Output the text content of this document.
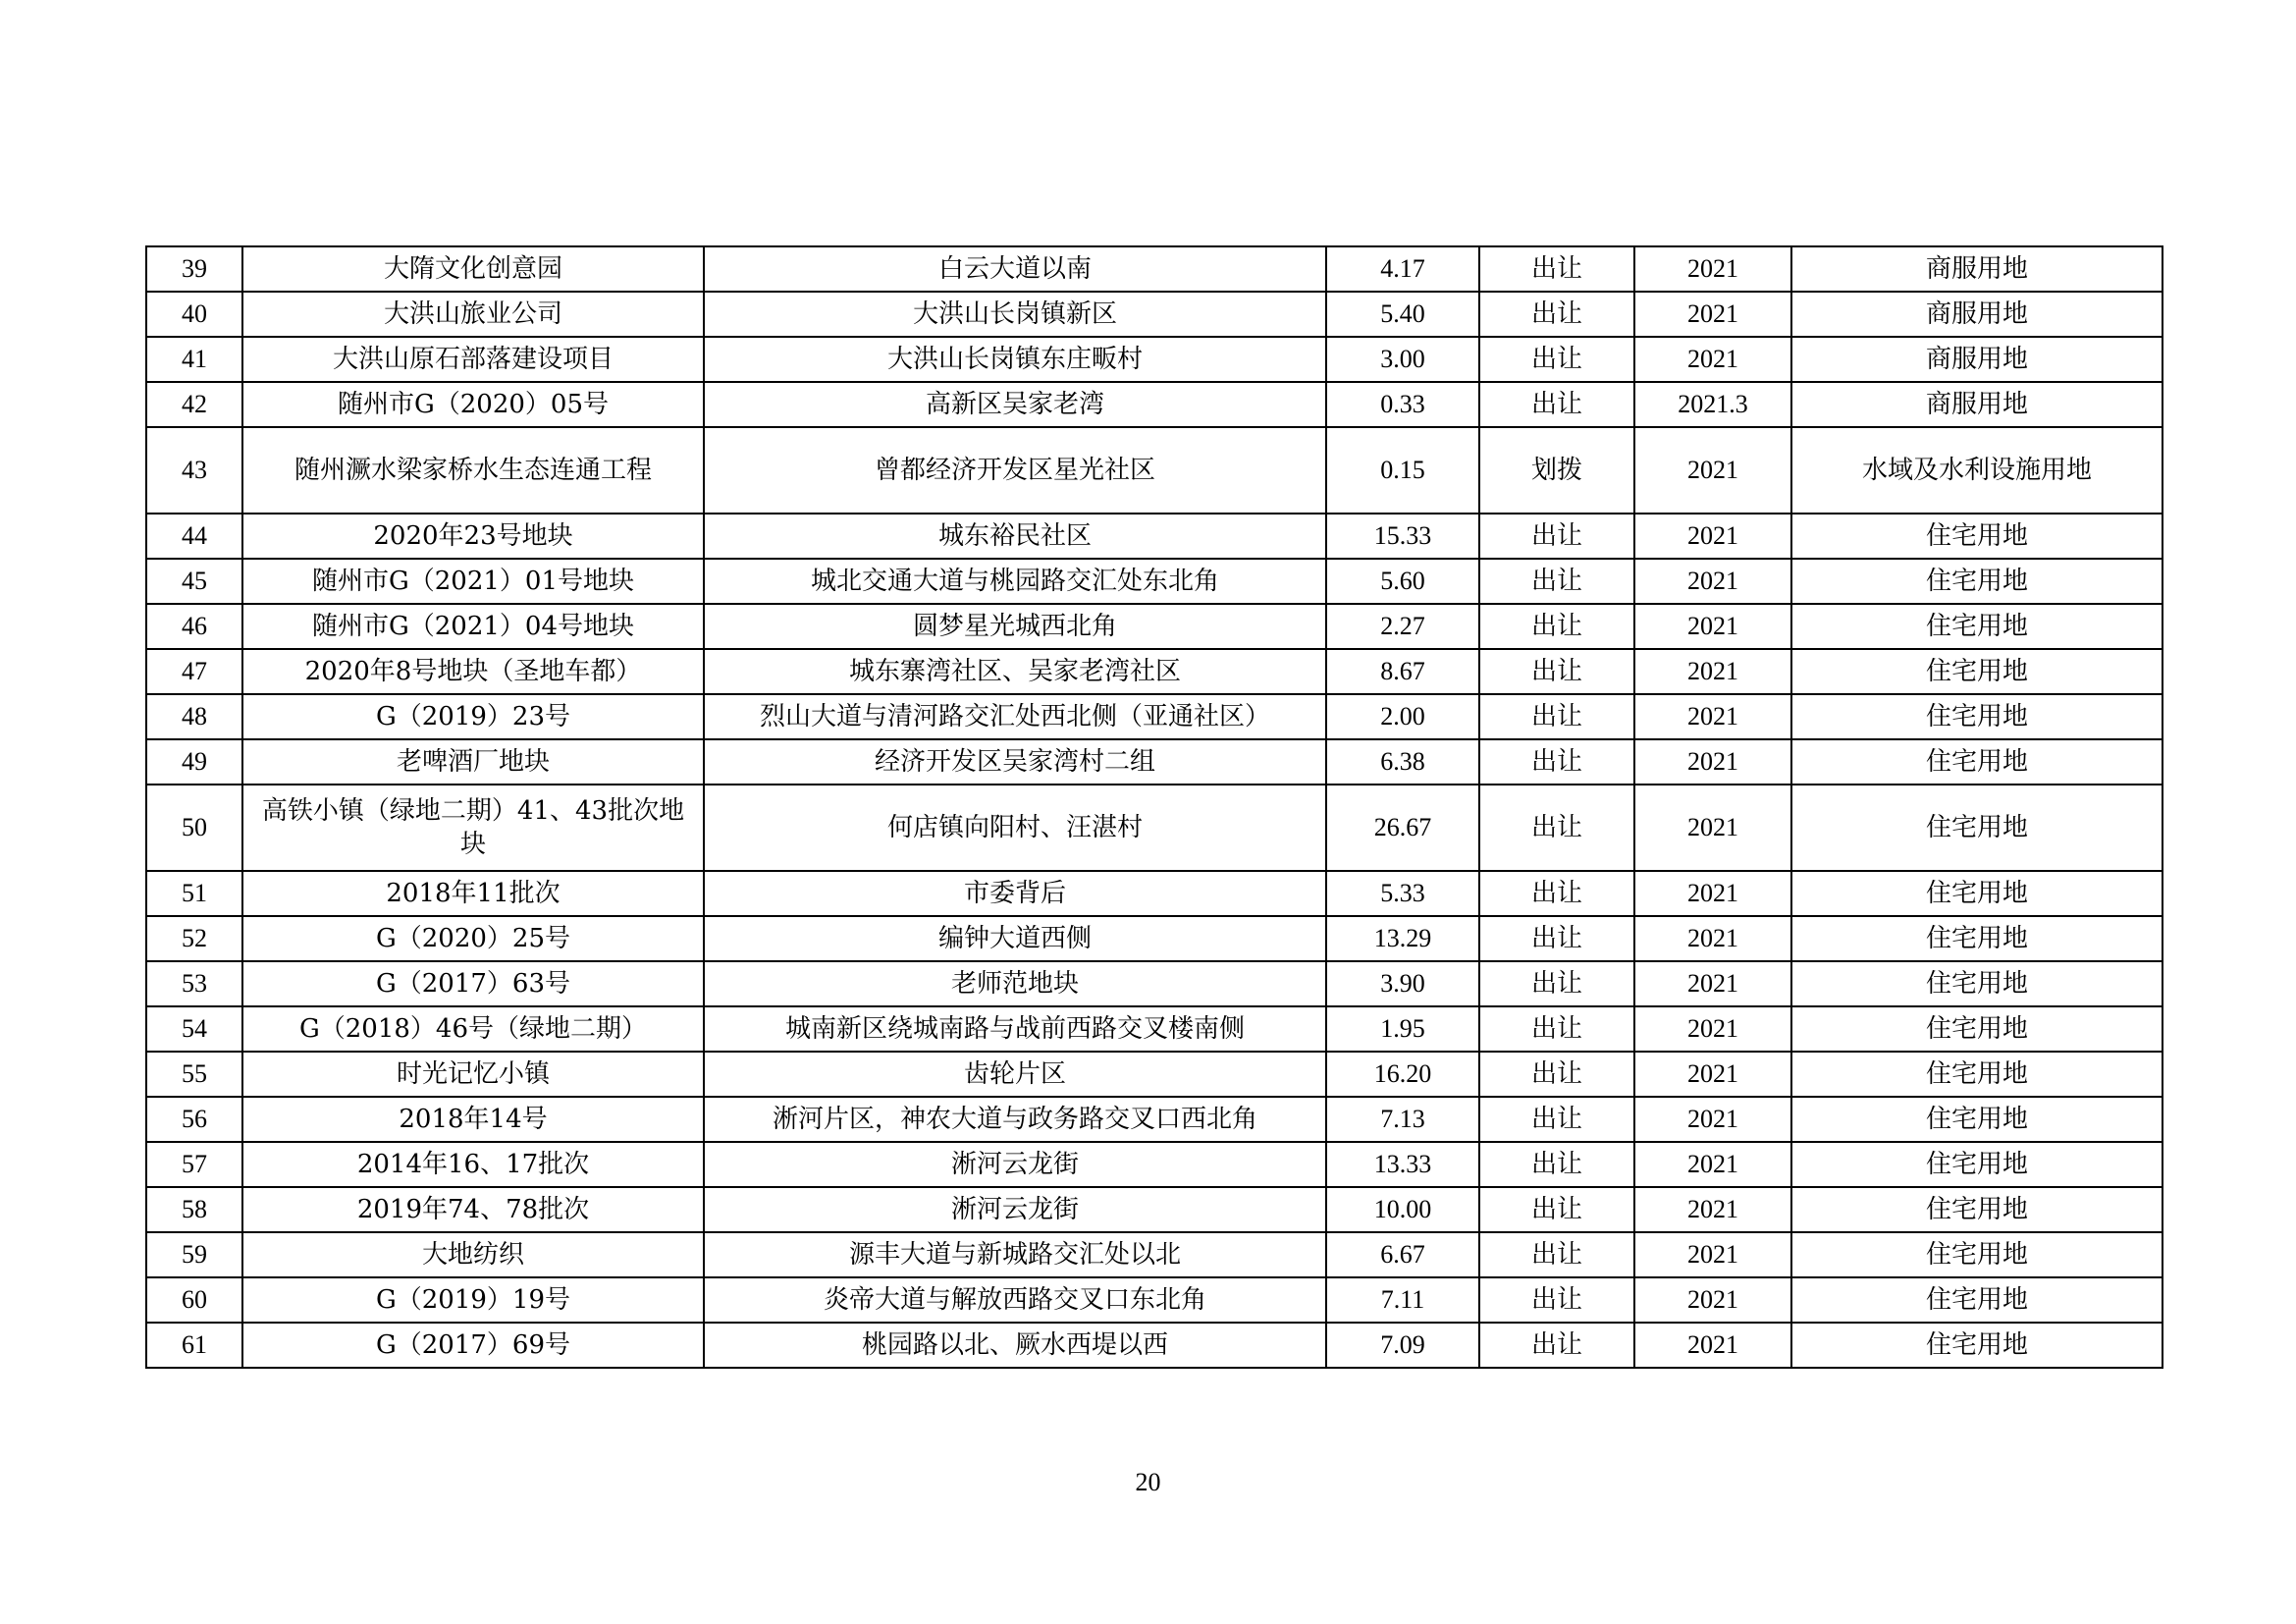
39	大隋文化创意园	白云大道以南	4.17	出让	2021	商服用地
40	大洪山旅业公司	大洪山长岗镇新区	5.40	出让	2021	商服用地
41	大洪山原石部落建设项目	大洪山长岗镇东庄畈村	3.00	出让	2021	商服用地
42	随州市G（2020）05号	高新区吴家老湾	0.33	出让	2021.3	商服用地
43	随州㵐水梁家桥水生态连通工程	曾都经济开发区星光社区	0.15	划拨	2021	水域及水利设施用地
44	2020年23号地块	城东裕民社区	15.33	出让	2021	住宅用地
45	随州市G（2021）01号地块	城北交通大道与桃园路交汇处东北角	5.60	出让	2021	住宅用地
46	随州市G（2021）04号地块	圆梦星光城西北角	2.27	出让	2021	住宅用地
47	2020年8号地块（圣地车都）	城东寨湾社区、吴家老湾社区	8.67	出让	2021	住宅用地
48	G（2019）23号	烈山大道与清河路交汇处西北侧（亚通社区）	2.00	出让	2021	住宅用地
49	老啤酒厂地块	经济开发区吴家湾村二组	6.38	出让	2021	住宅用地
50	高铁小镇（绿地二期）41、43批次地块	何店镇向阳村、汪湛村	26.67	出让	2021	住宅用地
51	2018年11批次	市委背后	5.33	出让	2021	住宅用地
52	G（2020）25号	编钟大道西侧	13.29	出让	2021	住宅用地
53	G（2017）63号	老师范地块	3.90	出让	2021	住宅用地
54	G（2018）46号（绿地二期）	城南新区绕城南路与战前西路交叉楼南侧	1.95	出让	2021	住宅用地
55	时光记忆小镇	齿轮片区	16.20	出让	2021	住宅用地
56	2018年14号	淅河片区，神农大道与政务路交叉口西北角	7.13	出让	2021	住宅用地
57	2014年16、17批次	淅河云龙街	13.33	出让	2021	住宅用地
58	2019年74、78批次	淅河云龙街	10.00	出让	2021	住宅用地
59	大地纺织	源丰大道与新城路交汇处以北	6.67	出让	2021	住宅用地
60	G（2019）19号	炎帝大道与解放西路交叉口东北角	7.11	出让	2021	住宅用地
61	G（2017）69号	桃园路以北、厥水西堤以西	7.09	出让	2021	住宅用地
20
